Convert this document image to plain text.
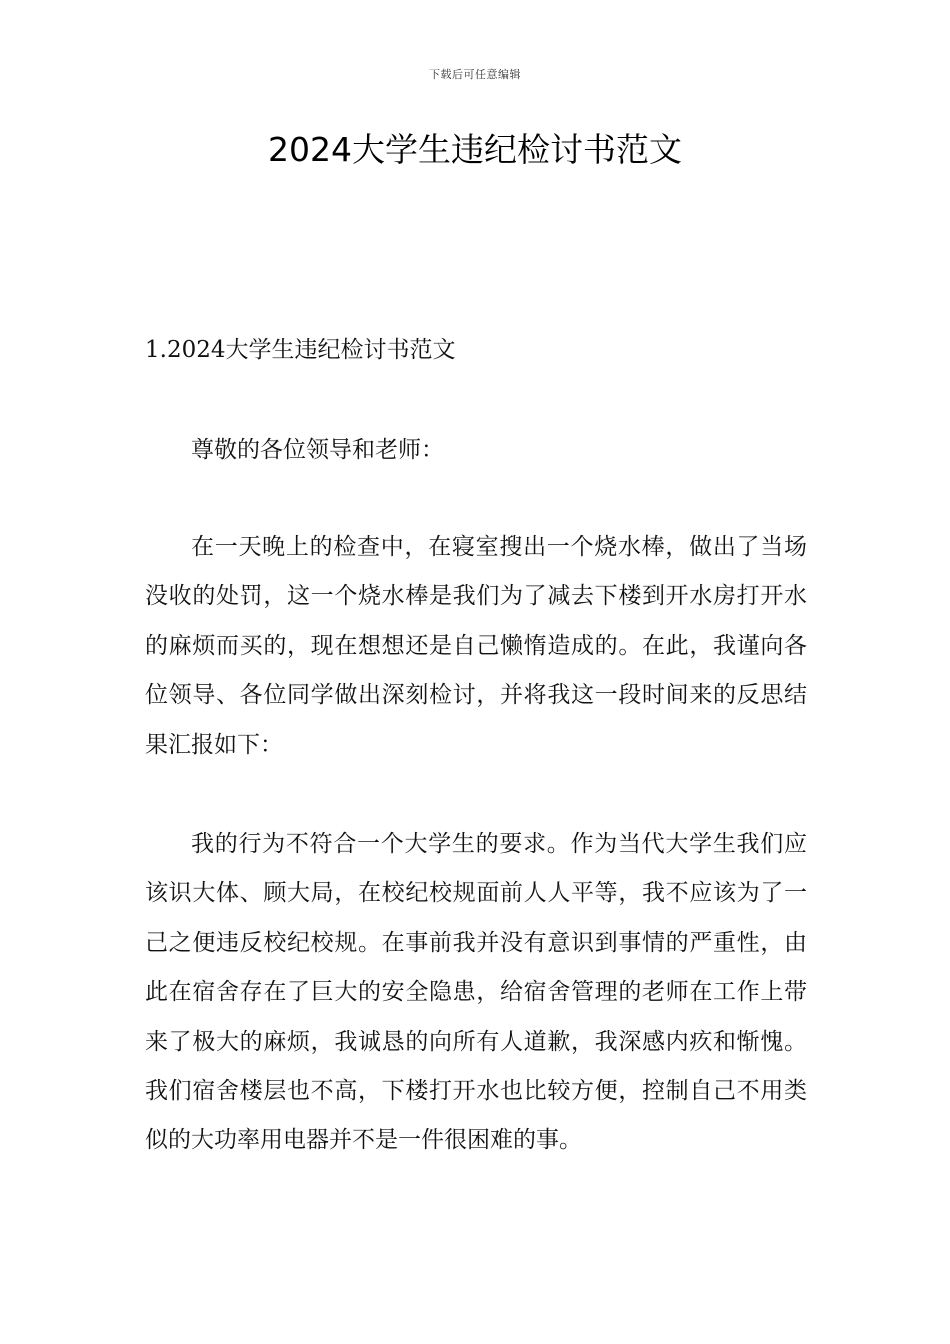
下载后可任意编辑
2024大学生违纪检讨书范文
1.2024大学生违纪检讨书范文

尊敬的各位领导和老师：

在一天晚上的检查中，在寝室搜出一个烧水棒，做出了当场没收的处罚，这一个烧水棒是我们为了减去下楼到开水房打开水的麻烦而买的，现在想想还是自己懒惰造成的。在此，我谨向各位领导、各位同学做出深刻检讨，并将我这一段时间来的反思结果汇报如下：

我的行为不符合一个大学生的要求。作为当代大学生我们应该识大体、顾大局，在校纪校规面前人人平等，我不应该为了一己之便违反校纪校规。在事前我并没有意识到事情的严重性，由此在宿舍存在了巨大的安全隐患，给宿舍管理的老师在工作上带来了极大的麻烦，我诚恳的向所有人道歉，我深感内疚和惭愧。我们宿舍楼层也不高，下楼打开水也比较方便，控制自己不用类似的大功率用电器并不是一件很困难的事。
